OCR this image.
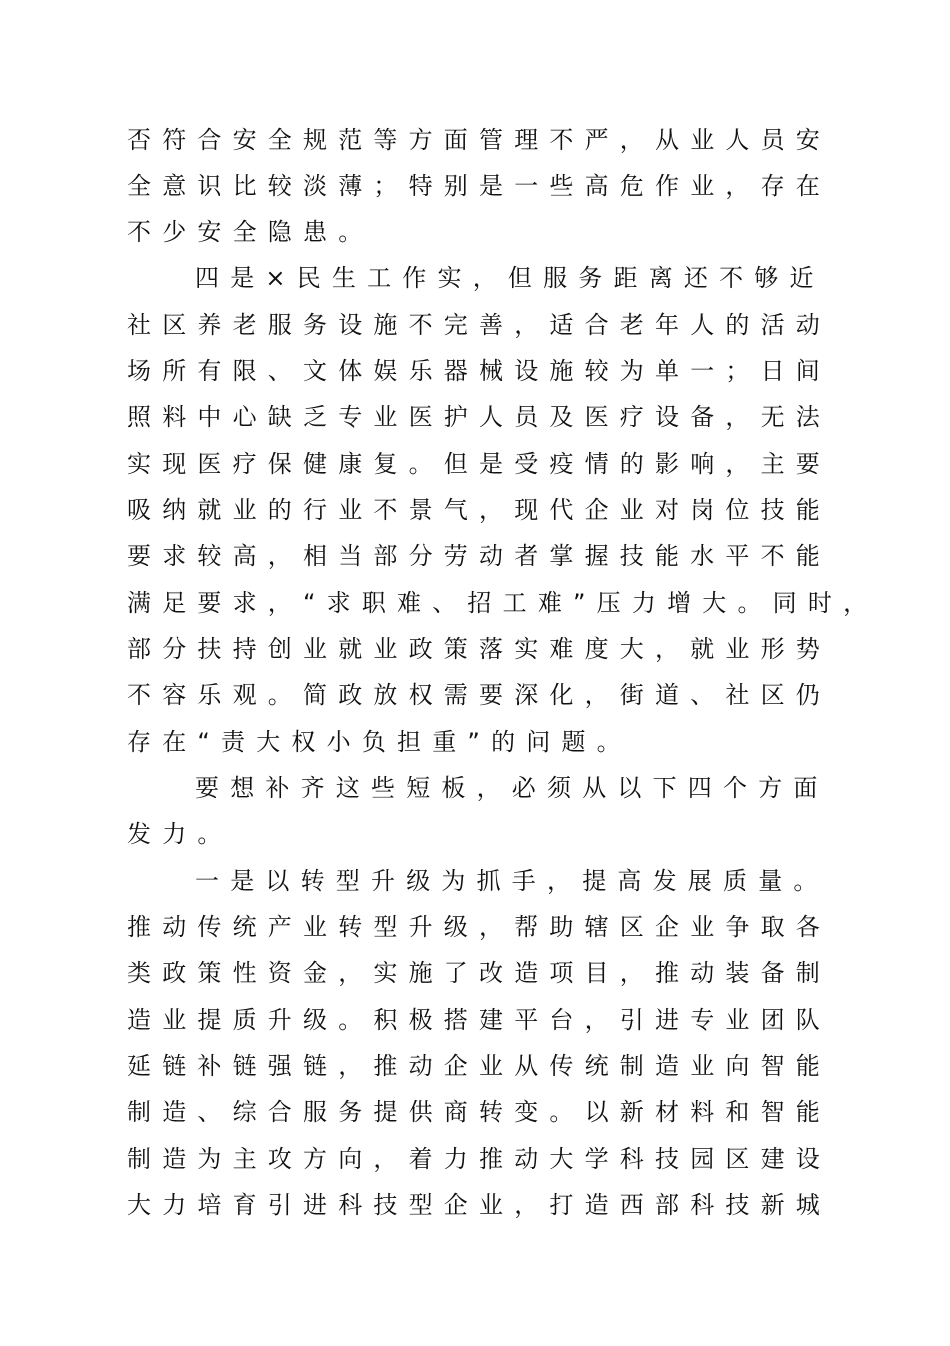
否符合安全规范等方面管理不严，从业人员安
全意识比较淡薄；特别是一些高危作业，存在
不少安全隐患。
四是×民生工作实，但服务距离还不够近
社区养老服务设施不完善，适合老年人的活动
场所有限、文体娱乐器械设施较为单一；日间
照料中心缺乏专业医护人员及医疗设备，无法
实现医疗保健康复。但是受疫情的影响，主要
吸纳就业的行业不景气，现代企业对岗位技能
要求较高，相当部分劳动者掌握技能水平不能
满足要求，“求职难、招工难”压力增大。同时，
部分扶持创业就业政策落实难度大，就业形势
不容乐观。简政放权需要深化，街道、社区仍
存在“责大权小负担重”的问题。
要想补齐这些短板，必须从以下四个方面
发力。
一是以转型升级为抓手，提高发展质量。
推动传统产业转型升级，帮助辖区企业争取各
类政策性资金，实施了改造项目，推动装备制
造业提质升级。积极搭建平台，引进专业团队
延链补链强链，推动企业从传统制造业向智能
制造、综合服务提供商转变。以新材料和智能
制造为主攻方向，着力推动大学科技园区建设
大力培育引进科技型企业，打造西部科技新城
